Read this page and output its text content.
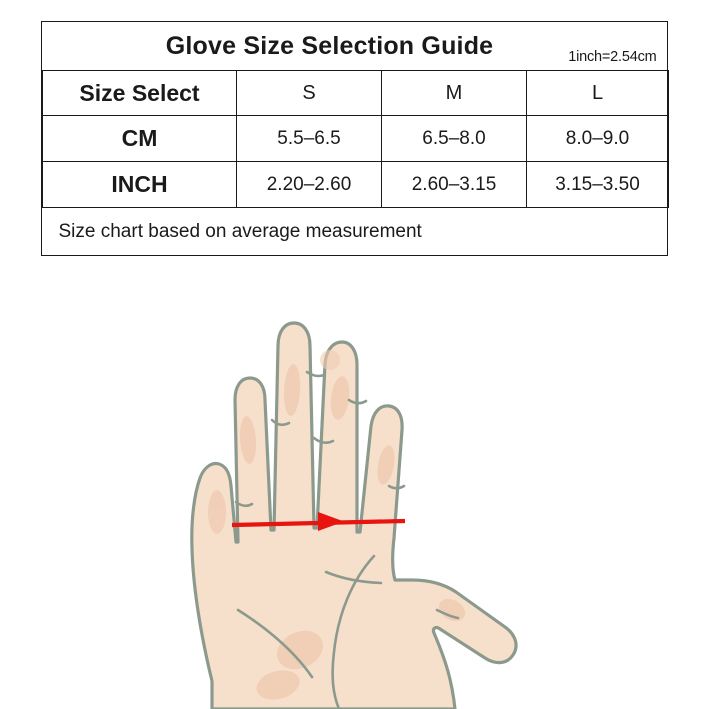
Glove Size Selection Guide 1inch=2.54cm			

Size Select	S	M	L
CM	5.5–6.5	6.5–8.0	8.0–9.0
INCH	2.20–2.60	2.60–3.15	3.15–3.50
Size chart based on average measurement			
